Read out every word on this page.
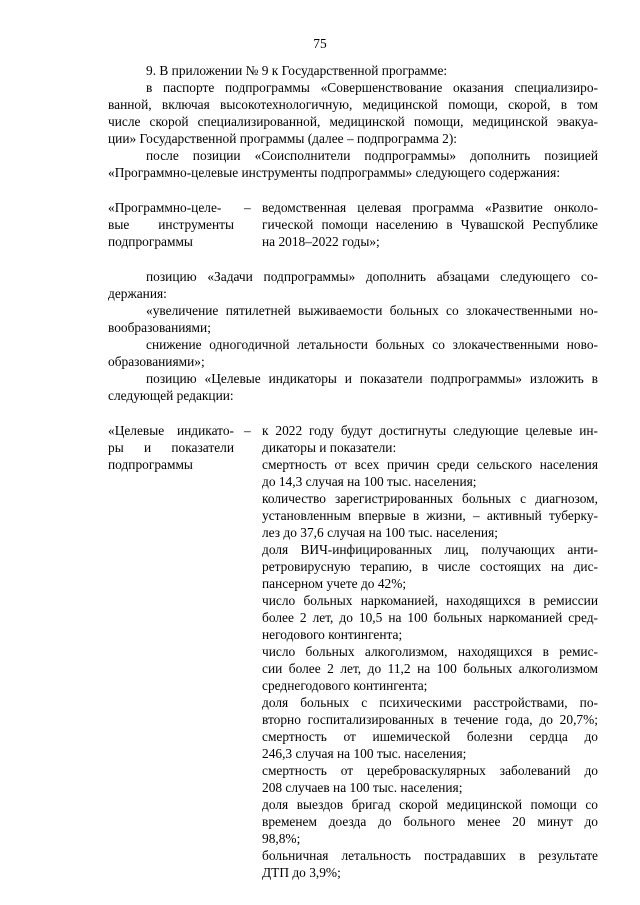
75

9. В приложении № 9 к Государственной программе:

в паспорте подпрограммы «Совершенствование оказания специализиро-

ванной, включая высокотехнологичную, медицинской помощи, скорой, в том

числе скорой специализированной, медицинской помощи, медицинской эвакуа-

ции» Государственной программы (далее – подпрограмма 2):

после позиции «Соисполнители подпрограммы» дополнить позицией

«Программно-целевые инструменты подпрограммы» следующего содержания:

«Программно-целе-

вые инструменты

подпрограммы

– ведомственная целевая программа «Развитие онколо-

гической помощи населению в Чувашской Республике

на 2018–2022 годы»;

позицию «Задачи подпрограммы» дополнить абзацами следующего со-

держания:

«увеличение пятилетней выживаемости больных со злокачественными но-

вообразованиями;

снижение одногодичной летальности больных со злокачественными ново-

образованиями»;

позицию «Целевые индикаторы и показатели подпрограммы» изложить в

следующей редакции:

«Целевые индикато-

ры и показатели

подпрограммы

– к 2022 году будут достигнуты следующие целевые ин-

дикаторы и показатели:

смертность от всех причин среди сельского населения

до 14,3 случая на 100 тыс. населения;

количество зарегистрированных больных с диагнозом,

установленным впервые в жизни, – активный туберку-

лез до 37,6 случая на 100 тыс. населения;

доля ВИЧ-инфицированных лиц, получающих анти-

ретровирусную терапию, в числе состоящих на дис-

пансерном учете до 42%;

число больных наркоманией, находящихся в ремиссии

более 2 лет, до 10,5 на 100 больных наркоманией сред-

негодового контингента;

число больных алкоголизмом, находящихся в ремис-

сии более 2 лет, до 11,2 на 100 больных алкоголизмом

среднегодового контингента;

доля больных с психическими расстройствами, по-

вторно госпитализированных в течение года, до 20,7%;

смертность от ишемической болезни сердца до

246,3 случая на 100 тыс. населения;

смертность от цереброваскулярных заболеваний до

208 случаев на 100 тыс. населения;

доля выездов бригад скорой медицинской помощи со

временем доезда до больного менее 20 минут до

98,8%;

больничная летальность пострадавших в результате

ДТП до 3,9%;
